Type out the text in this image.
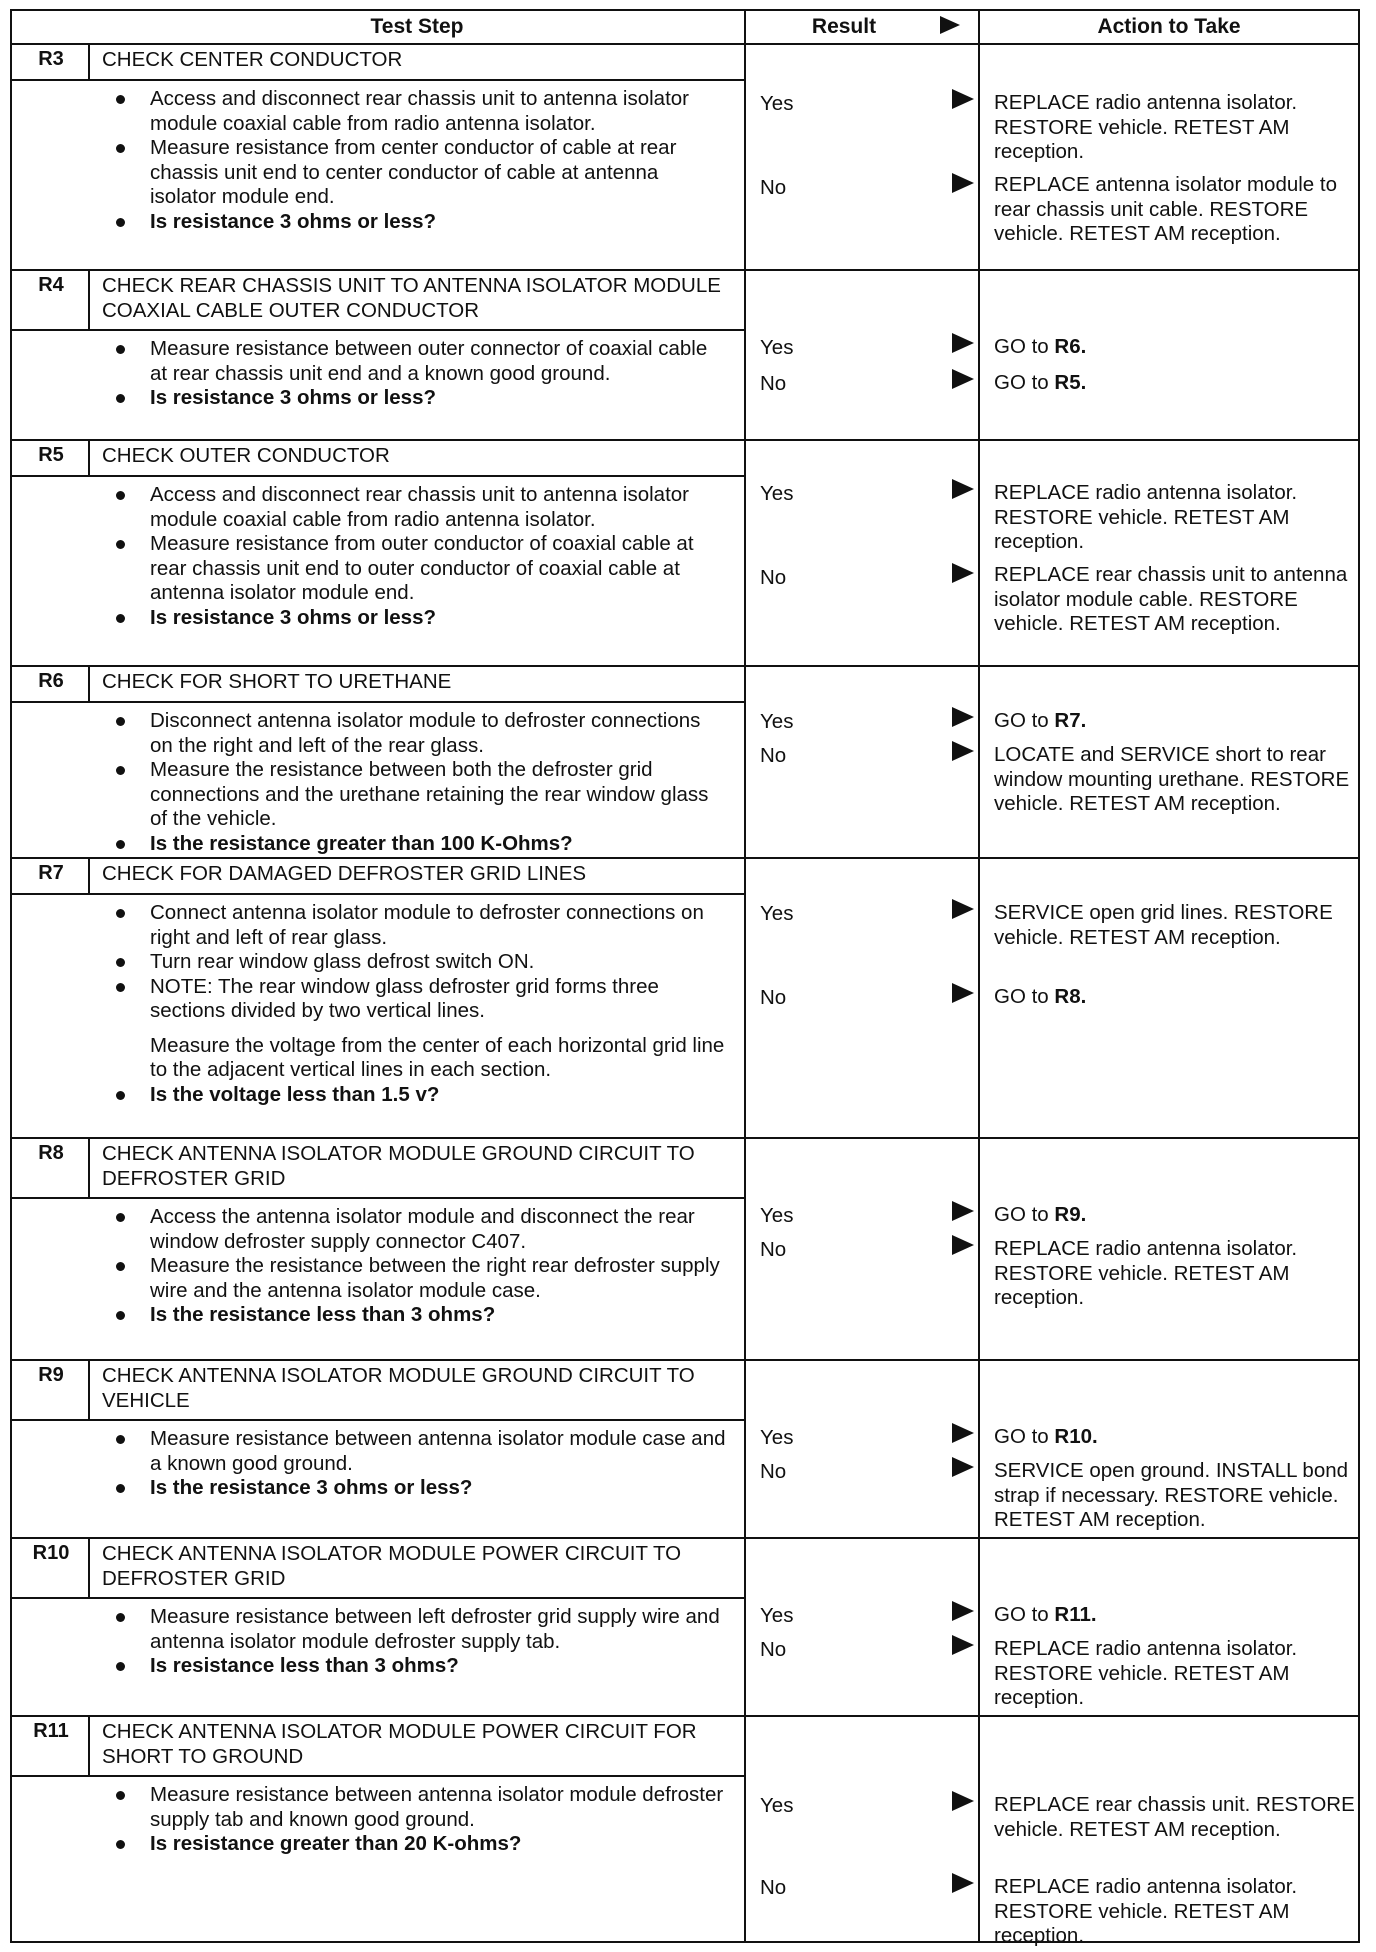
Test Step	Result	Action to Take
R3	CHECK CENTER CONDUCTOR
Access and disconnect rear chassis unit to antenna isolator module coaxial cable from radio antenna isolator.
Measure resistance from center conductor of cable at rear chassis unit end to center conductor of cable at antenna isolator module end.
Is resistance 3 ohms or less?
Yes	REPLACE radio antenna isolator. RESTORE vehicle. RETEST AM reception.
No	REPLACE antenna isolator module to rear chassis unit cable. RESTORE vehicle. RETEST AM reception.
R4	CHECK REAR CHASSIS UNIT TO ANTENNA ISOLATOR MODULE COAXIAL CABLE OUTER CONDUCTOR
Measure resistance between outer connector of coaxial cable at rear chassis unit end and a known good ground.
Is resistance 3 ohms or less?
Yes	GO to R6.
No	GO to R5.
R5	CHECK OUTER CONDUCTOR
Access and disconnect rear chassis unit to antenna isolator module coaxial cable from radio antenna isolator.
Measure resistance from outer conductor of coaxial cable at rear chassis unit end to outer conductor of coaxial cable at antenna isolator module end.
Is resistance 3 ohms or less?
Yes	REPLACE radio antenna isolator. RESTORE vehicle. RETEST AM reception.
No	REPLACE rear chassis unit to antenna isolator module cable. RESTORE vehicle. RETEST AM reception.
R6	CHECK FOR SHORT TO URETHANE
Disconnect antenna isolator module to defroster connections on the right and left of the rear glass.
Measure the resistance between both the defroster grid connections and the urethane retaining the rear window glass of the vehicle.
Is the resistance greater than 100 K-Ohms?
Yes	GO to R7.
No	LOCATE and SERVICE short to rear window mounting urethane. RESTORE vehicle. RETEST AM reception.
R7	CHECK FOR DAMAGED DEFROSTER GRID LINES
Connect antenna isolator module to defroster connections on right and left of rear glass.
Turn rear window glass defrost switch ON.
NOTE: The rear window glass defroster grid forms three sections divided by two vertical lines.
Measure the voltage from the center of each horizontal grid line to the adjacent vertical lines in each section.
Is the voltage less than 1.5 v?
Yes	SERVICE open grid lines. RESTORE vehicle. RETEST AM reception.
No	GO to R8.
R8	CHECK ANTENNA ISOLATOR MODULE GROUND CIRCUIT TO DEFROSTER GRID
Access the antenna isolator module and disconnect the rear window defroster supply connector C407.
Measure the resistance between the right rear defroster supply wire and the antenna isolator module case.
Is the resistance less than 3 ohms?
Yes	GO to R9.
No	REPLACE radio antenna isolator. RESTORE vehicle. RETEST AM reception.
R9	CHECK ANTENNA ISOLATOR MODULE GROUND CIRCUIT TO VEHICLE
Measure resistance between antenna isolator module case and a known good ground.
Is the resistance 3 ohms or less?
Yes	GO to R10.
No	SERVICE open ground. INSTALL bond strap if necessary. RESTORE vehicle. RETEST AM reception.
R10	CHECK ANTENNA ISOLATOR MODULE POWER CIRCUIT TO DEFROSTER GRID
Measure resistance between left defroster grid supply wire and antenna isolator module defroster supply tab.
Is resistance less than 3 ohms?
Yes	GO to R11.
No	REPLACE radio antenna isolator. RESTORE vehicle. RETEST AM reception.
R11	CHECK ANTENNA ISOLATOR MODULE POWER CIRCUIT FOR SHORT TO GROUND
Measure resistance between antenna isolator module defroster supply tab and known good ground.
Is resistance greater than 20 K-ohms?
Yes	REPLACE rear chassis unit. RESTORE vehicle. RETEST AM reception.
No	REPLACE radio antenna isolator. RESTORE vehicle. RETEST AM reception.
